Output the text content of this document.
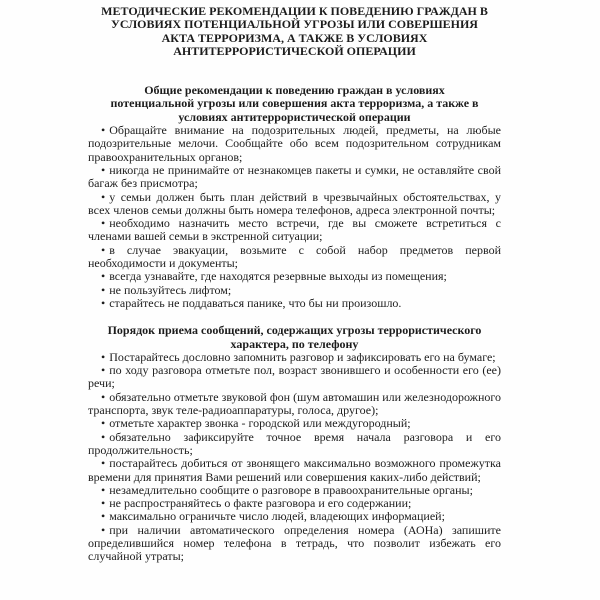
МЕТОДИЧЕСКИЕ РЕКОМЕНДАЦИИ К ПОВЕДЕНИЮ ГРАЖДАН В
УСЛОВИЯХ ПОТЕНЦИАЛЬНОЙ УГРОЗЫ ИЛИ СОВЕРШЕНИЯ
АКТА ТЕРРОРИЗМА, А ТАКЖЕ В УСЛОВИЯХ
АНТИТЕРРОРИСТИЧЕСКОЙ ОПЕРАЦИИ
Общие рекомендации к поведению граждан в условиях
потенциальной угрозы или совершения акта терроризма, а также в
условиях антитеррористической операции

• Обращайте внимание на подозрительных людей, предметы, на любые подозрительные мелочи. Сообщайте обо всем подозрительном сотрудникам правоохранительных органов;

• никогда не принимайте от незнакомцев пакеты и сумки, не оставляйте свой багаж без присмотра;

• у семьи должен быть план действий в чрезвычайных обстоятельствах, у всех членов семьи должны быть номера телефонов, адреса электронной почты;

• необходимо назначить место встречи, где вы сможете встретиться с членами вашей семьи в экстренной ситуации;

• в случае эвакуации, возьмите с собой набор предметов первой необходимости и документы;

• всегда узнавайте, где находятся резервные выходы из помещения;

• не пользуйтесь лифтом;

• старайтесь не поддаваться панике, что бы ни произошло.

Порядок приема сообщений, содержащих угрозы террористического
характера, по телефону

• Постарайтесь дословно запомнить разговор и зафиксировать его на бумаге;

• по ходу разговора отметьте пол, возраст звонившего и особенности его (ее) речи;

• обязательно отметьте звуковой фон (шум автомашин или железнодорожного транспорта, звук теле-радиоаппаратуры, голоса, другое);

• отметьте характер звонка - городской или междугородный;

• обязательно зафиксируйте точное время начала разговора и его продолжительность;

• постарайтесь добиться от звонящего максимально возможного промежутка времени для принятия Вами решений или совершения каких-либо действий;

• незамедлительно сообщите о разговоре в правоохранительные органы;

• не распространяйтесь о факте разговора и его содержании;

• максимально ограничьте число людей, владеющих информацией;

• при наличии автоматического определения номера (АОНа) запишите определившийся номер телефона в тетрадь, что позволит избежать его случайной утраты;
